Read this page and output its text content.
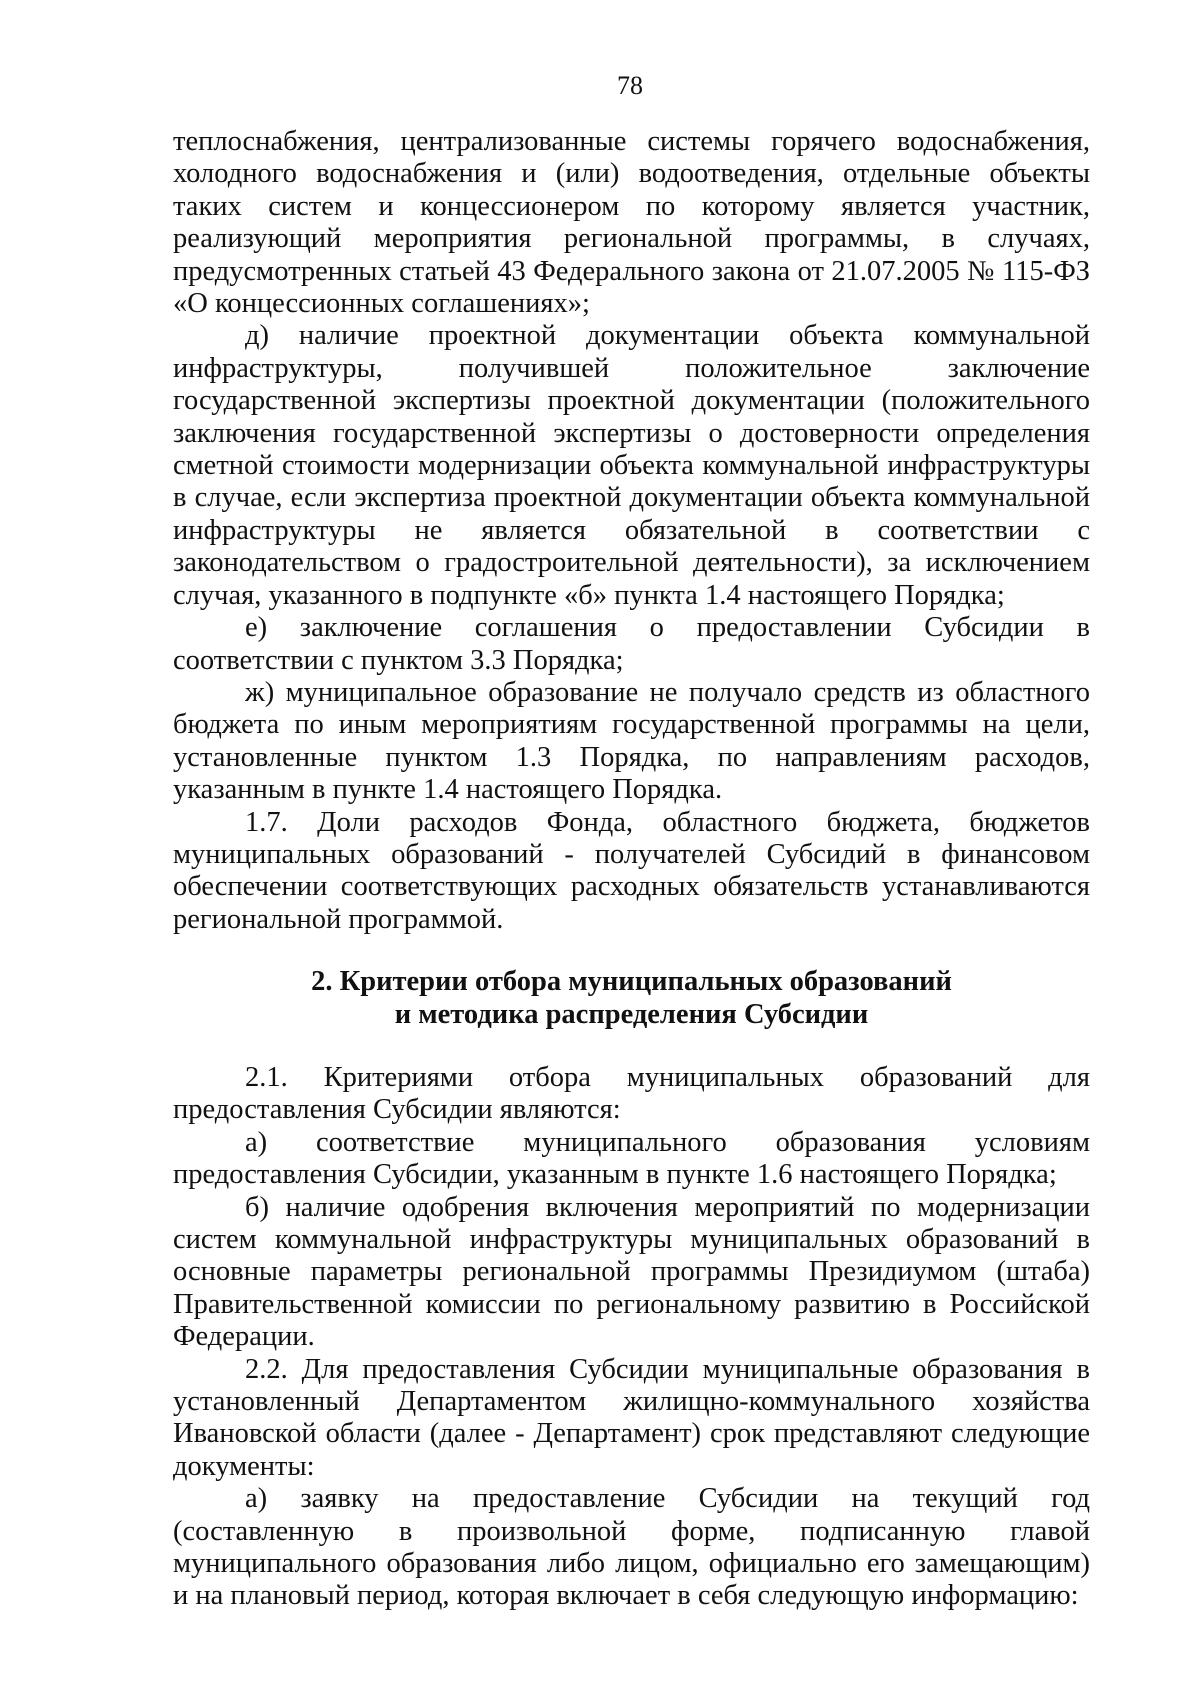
78

теплоснабжения, централизованные системы горячего водоснабжения, холодного водоснабжения и (или) водоотведения, отдельные объекты таких систем и концессионером по которому является участник, реализующий мероприятия региональной программы, в случаях, предусмотренных статьей 43 Федерального закона от 21.07.2005 № 115-ФЗ «О концессионных соглашениях»;

д) наличие проектной документации объекта коммунальной инфраструктуры, получившей положительное заключение государственной экспертизы проектной документации (положительного заключения государственной экспертизы о достоверности определения сметной стоимости модернизации объекта коммунальной инфраструктуры в случае, если экспертиза проектной документации объекта коммунальной инфраструктуры не является обязательной в соответствии с законодательством о градостроительной деятельности), за исключением случая, указанного в подпункте «б» пункта 1.4 настоящего Порядка;

е) заключение соглашения о предоставлении Субсидии в соответствии с пунктом 3.3 Порядка;

ж) муниципальное образование не получало средств из областного бюджета по иным мероприятиям государственной программы на цели, установленные пунктом 1.3 Порядка, по направлениям расходов, указанным в пункте 1.4 настоящего Порядка.

1.7. Доли расходов Фонда, областного бюджета, бюджетов муниципальных образований - получателей Субсидий в финансовом обеспечении соответствующих расходных обязательств устанавливаются региональной программой.

2. Критерии отбора муниципальных образований
и методика распределения Субсидии

2.1. Критериями отбора муниципальных образований для предоставления Субсидии являются:

а) соответствие муниципального образования условиям предоставления Субсидии, указанным в пункте 1.6 настоящего Порядка;

б) наличие одобрения включения мероприятий по модернизации систем коммунальной инфраструктуры муниципальных образований в основные параметры региональной программы Президиумом (штаба) Правительственной комиссии по региональному развитию в Российской Федерации.

2.2. Для предоставления Субсидии муниципальные образования в установленный Департаментом жилищно-коммунального хозяйства Ивановской области (далее - Департамент) срок представляют следующие документы:

а) заявку на предоставление Субсидии на текущий год (составленную в произвольной форме, подписанную главой муниципального образования либо лицом, официально его замещающим) и на плановый период, которая включает в себя следующую информацию:
